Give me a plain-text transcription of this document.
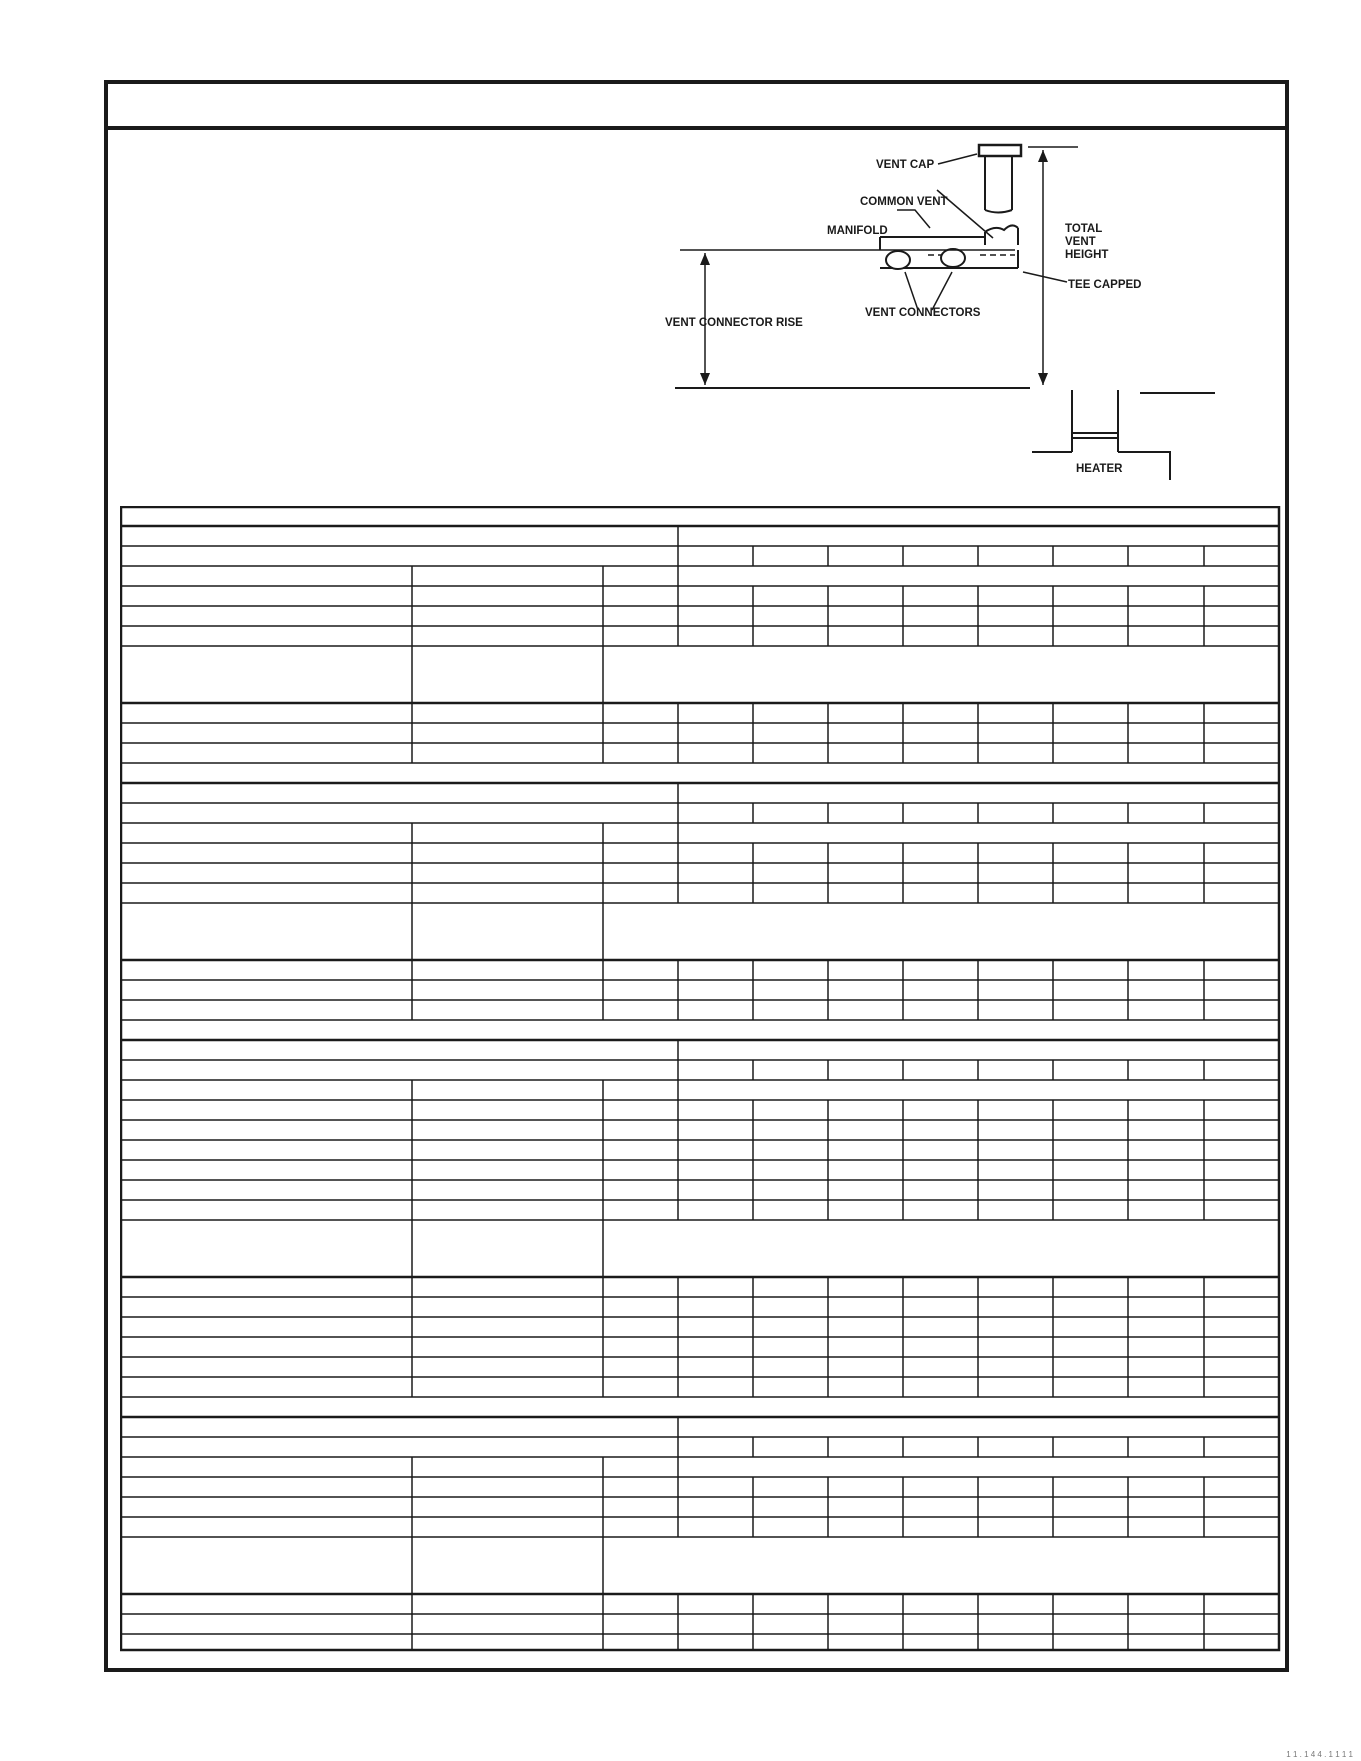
VENT CAP
COMMON VENT
MANIFOLD	TOTAL
VENT
HEIGHT
TEE CAPPED
VENT CONNECTORS
VENT CONNECTOR RISE
HEATER
1 1 . 1 4 4 . 1 1 1 1
